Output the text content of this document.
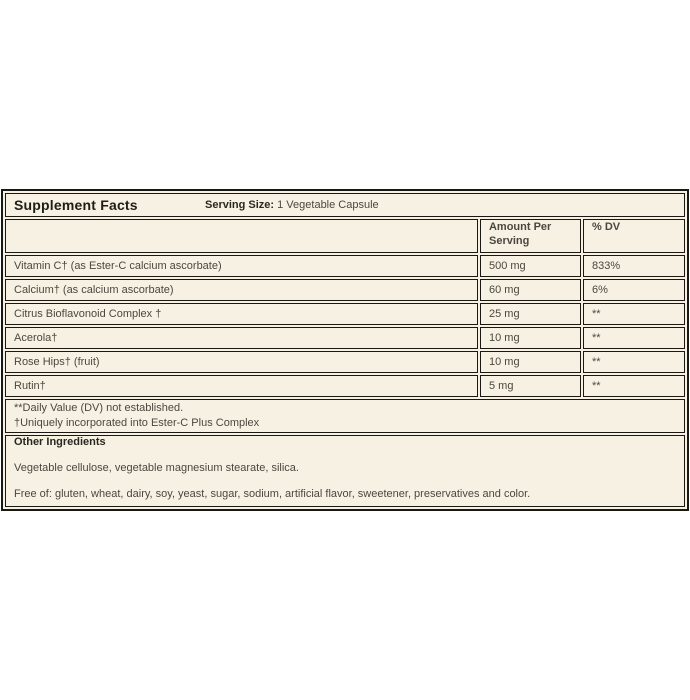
Supplement Facts Serving Size: 1 Vegetable Capsule		

	Amount Per Serving	% DV
Vitamin C† (as Ester-C calcium ascorbate)	500 mg	833%
Calcium† (as calcium ascorbate)	60 mg	6%
Citrus Bioflavonoid Complex †	25 mg	**
Acerola†	10 mg	**
Rose Hips† (fruit)	10 mg	**
Rutin†	5 mg	**

**Daily Value (DV) not established.
†Uniquely incorporated into Ester-C Plus Complex		

Other Ingredients
Vegetable cellulose, vegetable magnesium stearate, silica.
Free of: gluten, wheat, dairy, soy, yeast, sugar, sodium, artificial flavor, sweetener, preservatives and color.		
